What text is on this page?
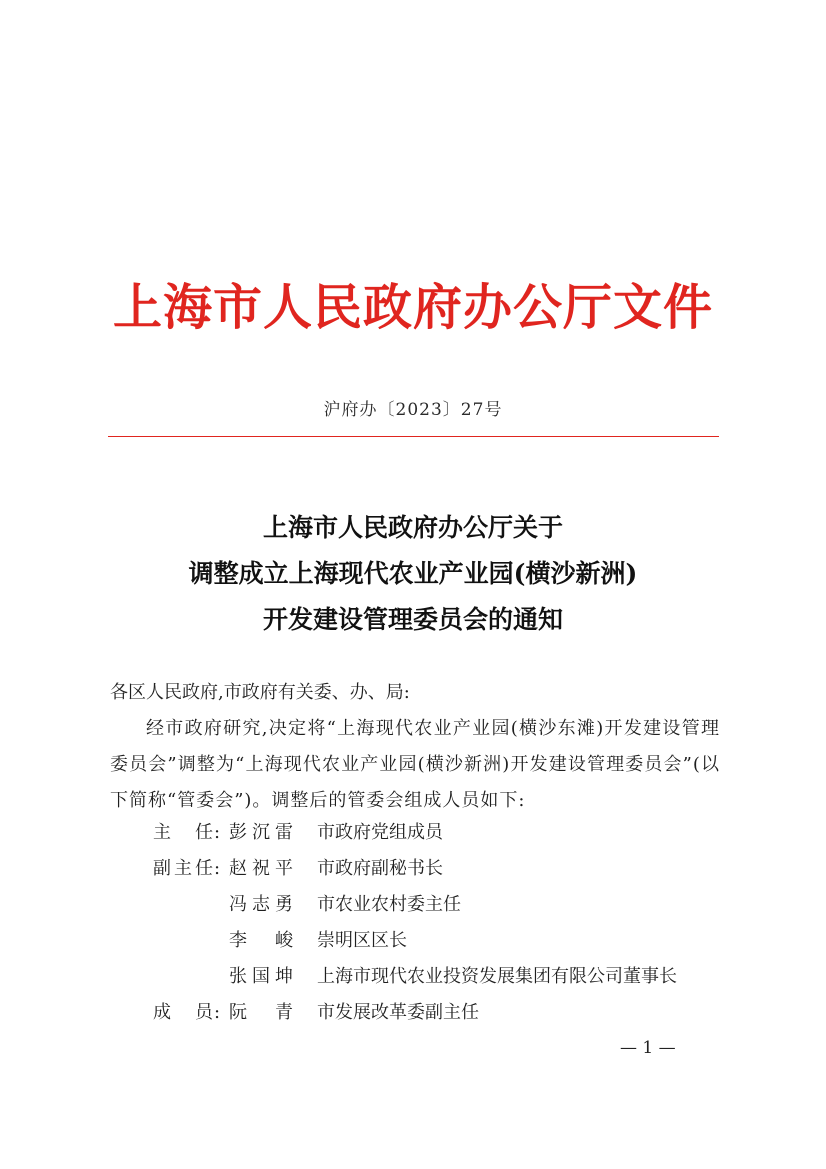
上海市人民政府办公厅文件
沪府办〔2023〕27号
上海市人民政府办公厅关于
调整成立上海现代农业产业园(横沙新洲)
开发建设管理委员会的通知
各区人民政府,市政府有关委、办、局:
经市政府研究,决定将“上海现代农业产业园(横沙东滩)开发建设管理委员会”调整为“上海现代农业产业园(横沙新洲)开发建设管理委员会”(以下简称“管委会”)。调整后的管委会组成人员如下:
主 任 : 彭 沉 雷 市政府党组成员
副 主 任 : 赵 祝 平 市政府副秘书长
冯 志 勇 市农业农村委主任
李 峻 崇明区区长
张 国 坤 上海市现代农业投资发展集团有限公司董事长
成 员 : 阮 青 市发展改革委副主任
— 1 —
